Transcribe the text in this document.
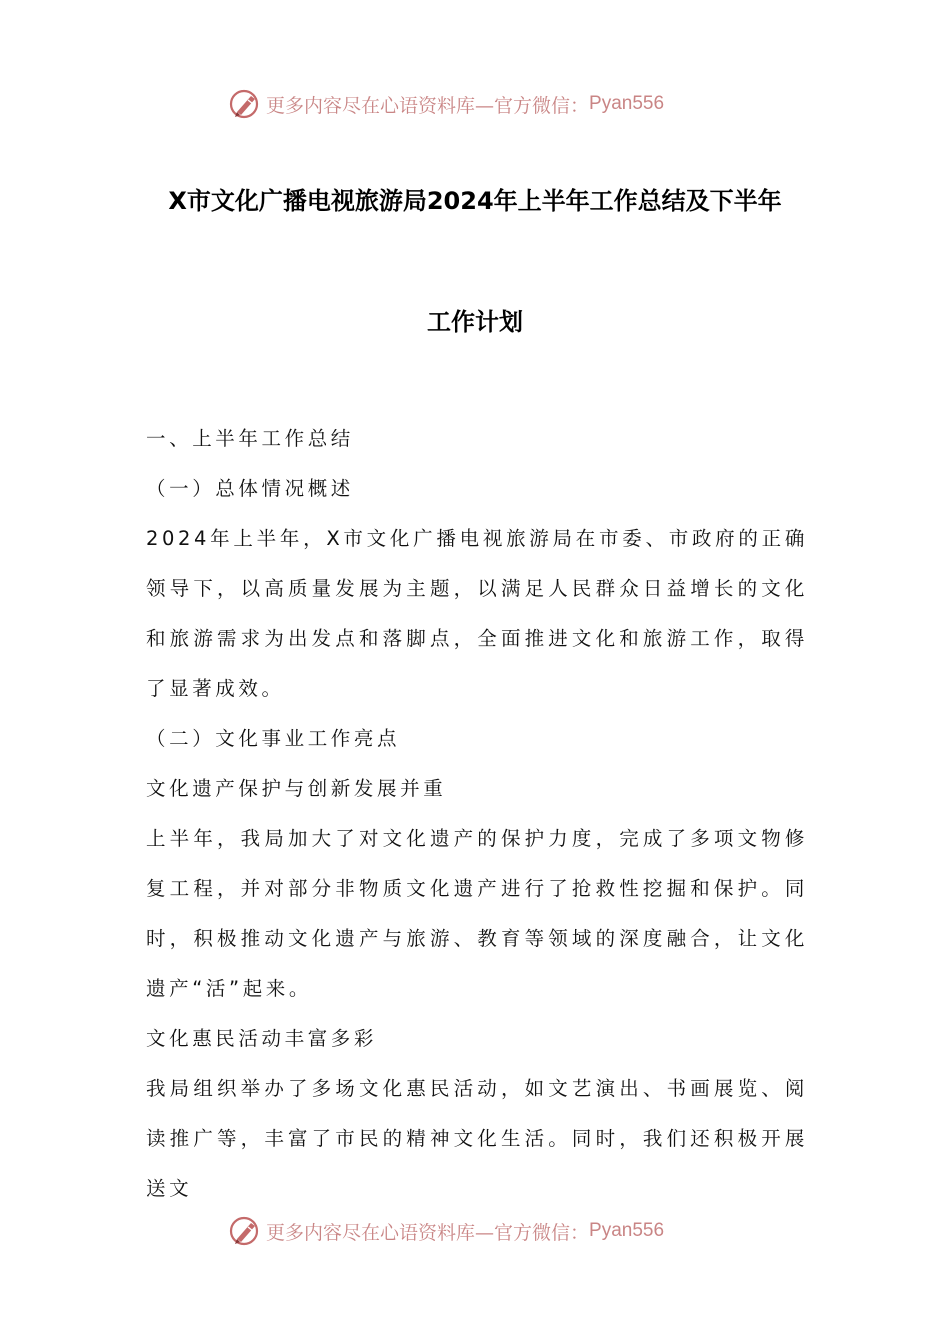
更多内容尽在心语资料库—官方微信： Pyan556
X市文化广播电视旅游局2024年上半年工作总结及下半年
工作计划

一、上半年工作总结

（一）总体情况概述

2024年上半年，X市文化广播电视旅游局在市委、市政府的正确领导下，以高质量发展为主题，以满足人民群众日益增长的文化和旅游需求为出发点和落脚点，全面推进文化和旅游工作，取得了显著成效。

（二）文化事业工作亮点

文化遗产保护与创新发展并重

上半年，我局加大了对文化遗产的保护力度，完成了多项文物修复工程，并对部分非物质文化遗产进行了抢救性挖掘和保护。同时，积极推动文化遗产与旅游、教育等领域的深度融合，让文化遗产“活”起来。

文化惠民活动丰富多彩

我局组织举办了多场文化惠民活动，如文艺演出、书画展览、阅读推广等，丰富了市民的精神文化生活。同时，我们还积极开展送文

更多内容尽在心语资料库—官方微信： Pyan556
